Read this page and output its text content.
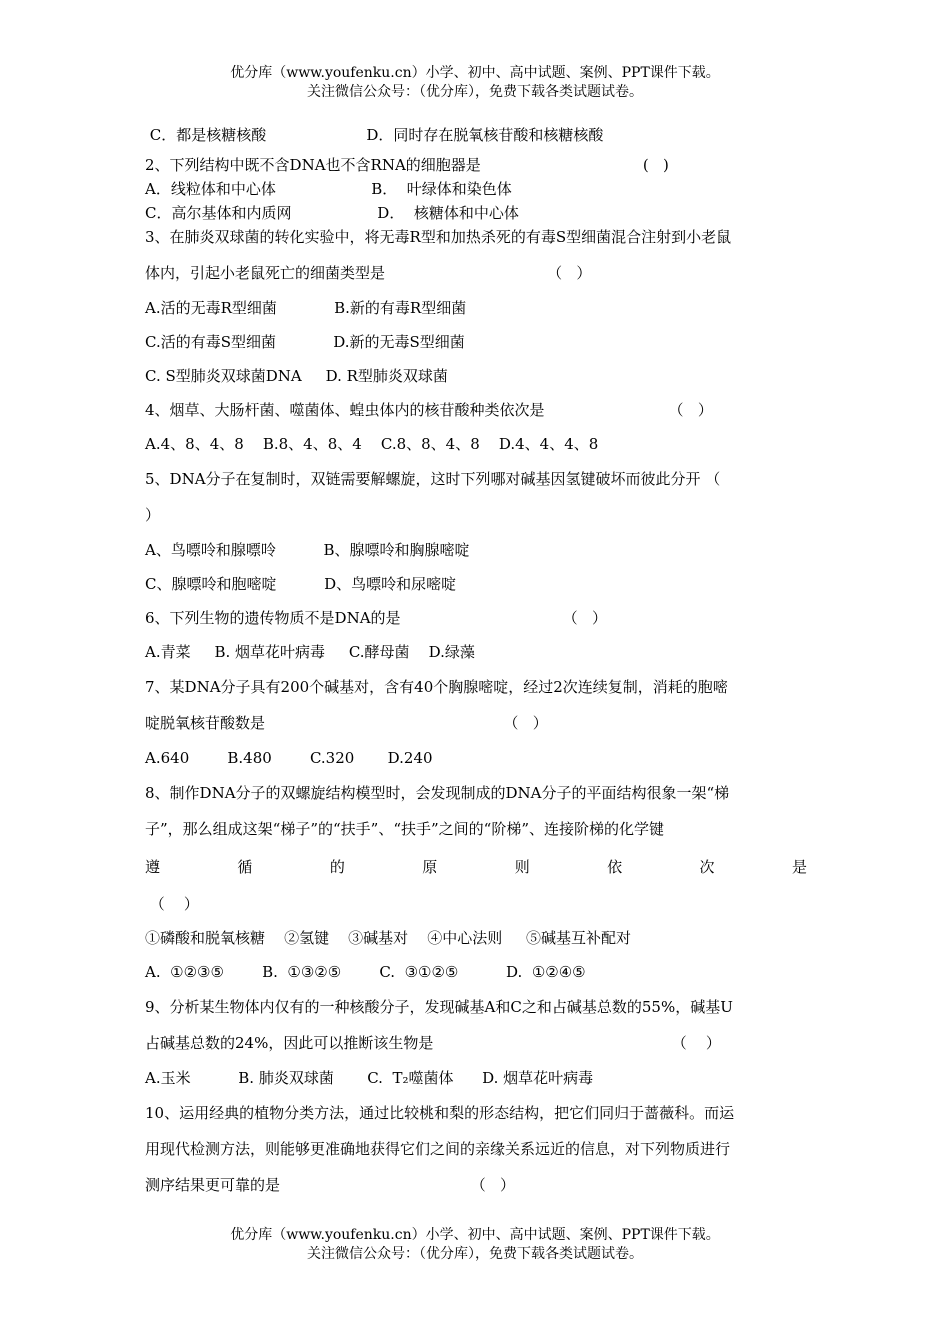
优分库（www.youfenku.cn）小学、初中、高中试题、案例、PPT课件下载。
关注微信公众号：（优分库），免费下载各类试题试卷。
C．都是核糖核酸                     D．同时存在脱氧核苷酸和核糖核酸
2、下列结构中既不含DNA也不含RNA的细胞器是                                  (   )
A．线粒体和中心体                    B．  叶绿体和染色体
C．高尔基体和内质网                  D．  核糖体和中心体
3、在肺炎双球菌的转化实验中，将无毒R型和加热杀死的有毒S型细菌混合注射到小老鼠
体内，引起小老鼠死亡的细菌类型是                                  （   ）
A.活的无毒R型细菌            B.新的有毒R型细菌
C.活的有毒S型细菌            D.新的无毒S型细菌
C. S型肺炎双球菌DNA     D. R型肺炎双球菌
4、烟草、大肠杆菌、噬菌体、蝗虫体内的核苷酸种类依次是                          （   ）
A.4、8、4、8    B.8、4、8、4    C.8、8、4、8    D.4、4、4、8
5、DNA分子在复制时，双链需要解螺旋，这时下列哪对碱基因氢键破坏而彼此分开 （
）
A、鸟嘌呤和腺嘌呤          B、腺嘌呤和胸腺嘧啶
C、腺嘌呤和胞嘧啶          D、鸟嘌呤和尿嘧啶
6、下列生物的遗传物质不是DNA的是                                  （   ）
A.青菜     B. 烟草花叶病毒     C.酵母菌    D.绿藻
7、某DNA分子具有200个碱基对，含有40个胸腺嘧啶，经过2次连续复制，消耗的胞嘧
啶脱氧核苷酸数是                                                  （   ）
A.640        B.480        C.320       D.240
8、制作DNA分子的双螺旋结构模型时，会发现制成的DNA分子的平面结构很象一架“梯
子”，那么组成这架“梯子”的“扶手”、“扶手”之间的“阶梯”、连接阶梯的化学键
遵	循	的	原	则	依	次	是
（    ）
①磷酸和脱氧核糖    ②氢键    ③碱基对    ④中心法则     ⑤碱基互补配对
A.  ①②③⑤        B.  ①③②⑤        C.  ③①②⑤          D.  ①②④⑤
9、分析某生物体内仅有的一种核酸分子，发现碱基A和C之和占碱基总数的55%，碱基U
占碱基总数的24%，因此可以推断该生物是                                                  （    ）
A.玉米          B. 肺炎双球菌       C.  T₂噬菌体      D. 烟草花叶病毒
10、运用经典的植物分类方法，通过比较桃和梨的形态结构，把它们同归于蔷薇科。而运
用现代检测方法，则能够更准确地获得它们之间的亲缘关系远近的信息，对下列物质进行
测序结果更可靠的是                                        （   ）
优分库（www.youfenku.cn）小学、初中、高中试题、案例、PPT课件下载。
关注微信公众号：（优分库），免费下载各类试题试卷。
